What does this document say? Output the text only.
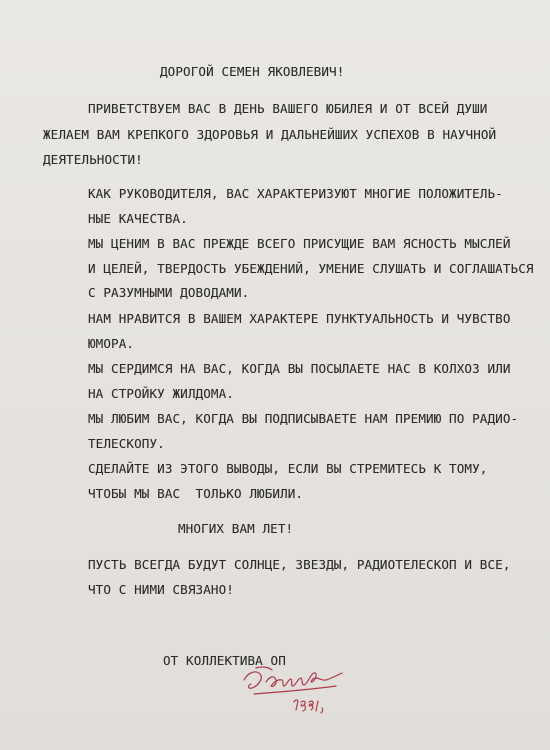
ДОРОГОЙ СЕМЕН ЯКОВЛЕВИЧ!
ПРИВЕТСТВУЕМ ВАС В ДЕНЬ ВАШЕГО ЮБИЛЕЯ И ОТ ВСЕЙ ДУШИ
ЖЕЛАЕМ ВАМ КРЕПКОГО ЗДОРОВЬЯ И ДАЛЬНЕЙШИХ УСПЕХОВ В НАУЧНОЙ
ДЕЯТЕЛЬНОСТИ!
КАК РУКОВОДИТЕЛЯ, ВАС ХАРАКТЕРИЗУЮТ МНОГИЕ ПОЛОЖИТЕЛЬ-
НЫЕ КАЧЕСТВА.
МЫ ЦЕНИМ В ВАС ПРЕЖДЕ ВСЕГО ПРИСУЩИЕ ВАМ ЯСНОСТЬ МЫСЛЕЙ
И ЦЕЛЕЙ, ТВЕРДОСТЬ УБЕЖДЕНИЙ, УМЕНИЕ СЛУШАТЬ И СОГЛАШАТЬСЯ
С РАЗУМНЫМИ ДОВОДАМИ.
НАМ НРАВИТСЯ В ВАШЕМ ХАРАКТЕРЕ ПУНКТУАЛЬНОСТЬ И ЧУВСТВО
ЮМОРА.
МЫ СЕРДИМСЯ НА ВАС, КОГДА ВЫ ПОСЫЛАЕТЕ НАС В КОЛХОЗ ИЛИ
НА СТРОЙКУ ЖИЛДОМА.
МЫ ЛЮБИМ ВАС, КОГДА ВЫ ПОДПИСЫВАЕТЕ НАМ ПРЕМИЮ ПО РАДИО-
ТЕЛЕСКОПУ.
СДЕЛАЙТЕ ИЗ ЭТОГО ВЫВОДЫ, ЕСЛИ ВЫ СТРЕМИТЕСЬ К ТОМУ,
ЧТОБЫ МЫ ВАС  ТОЛЬКО ЛЮБИЛИ.
МНОГИХ ВАМ ЛЕТ!
ПУСТЬ ВСЕГДА БУДУТ СОЛНЦЕ, ЗВЕЗДЫ, РАДИОТЕЛЕСКОП И ВСЕ,
ЧТО С НИМИ СВЯЗАНО!
ОТ КОЛЛЕКТИВА ОП
1981
